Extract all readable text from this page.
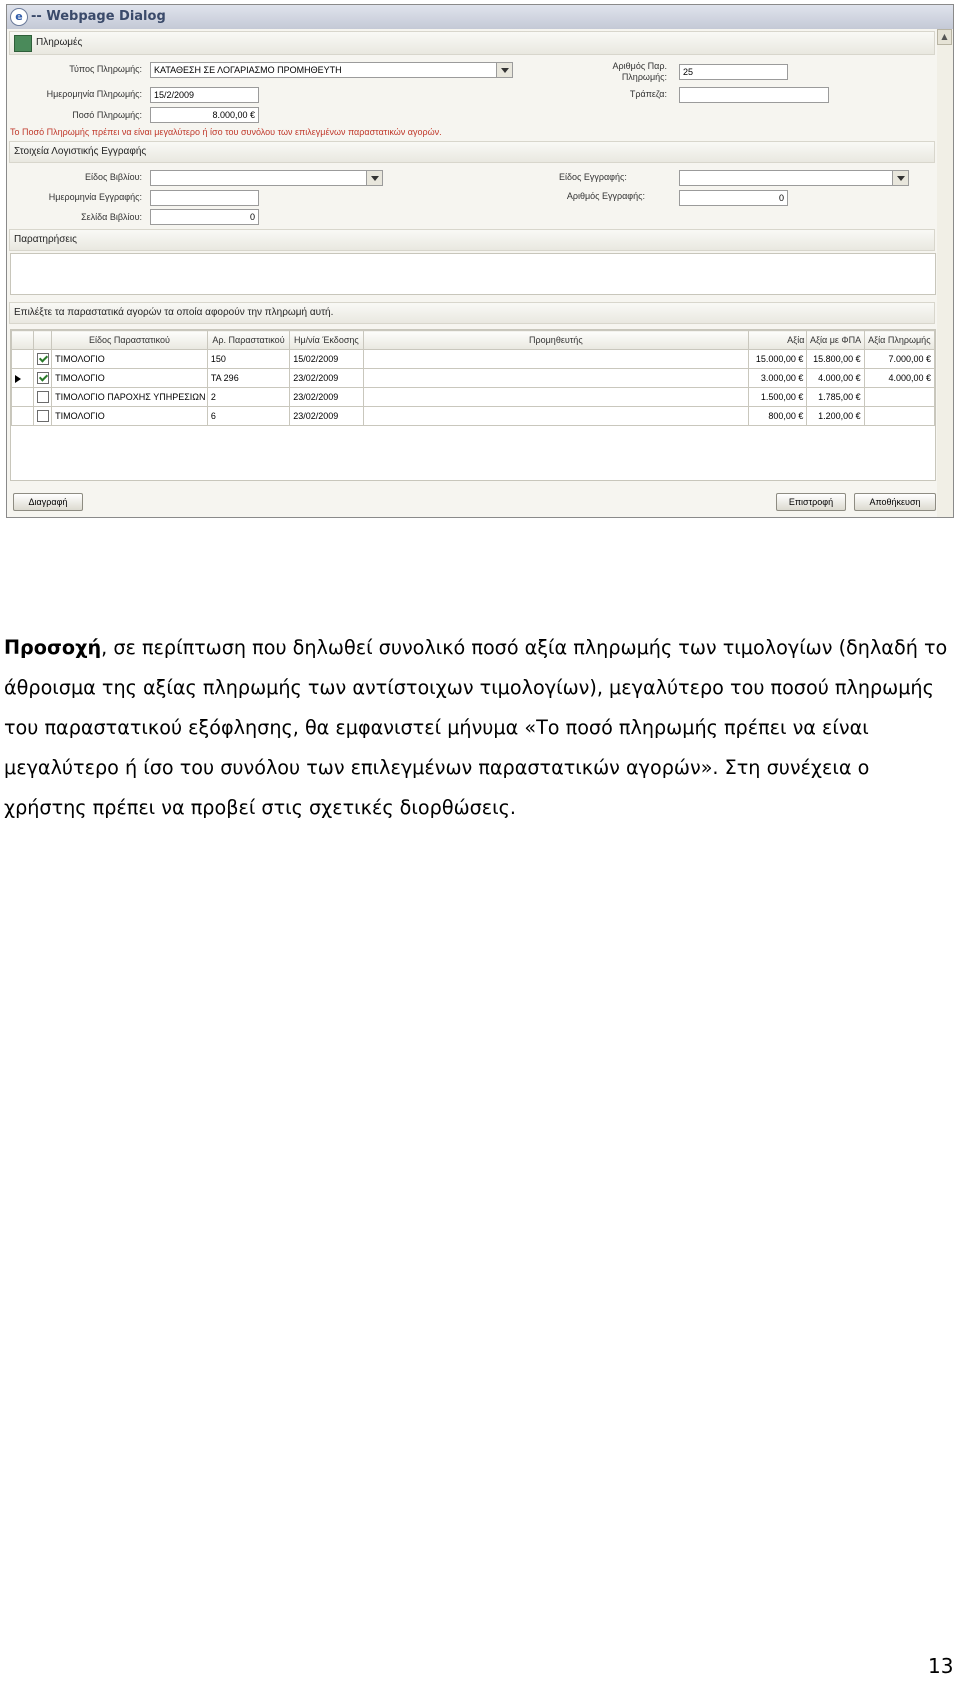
e -- Webpage Dialog
▲
Πληρωμές
Τύπος Πληρωμής:	ΚΑΤΑΘΕΣΗ ΣΕ ΛΟΓΑΡΙΑΣΜΟ ΠΡΟΜΗΘΕΥΤΗ
Ημερομηνία Πληρωμής:	15/2/2009
Ποσό Πληρωμής:	8.000,00 €
Αριθμός Παρ.
Πληρωμής:	25
Τράπεζα:
Το Ποσό Πληρωμής πρέπει να είναι μεγαλύτερο ή ίσο του συνόλου των επιλεγμένων παραστατικών αγορών.
Στοιχεία Λογιστικής Εγγραφής
Είδος Βιβλίου:
Ημερομηνία Εγγραφής:
Σελίδα Βιβλίου:	0
Είδος Εγγραφής:
Αριθμός Εγγραφής:	0
Παρατηρήσεις
Επιλέξτε τα παραστατικά αγορών τα οποία αφορούν την πληρωμή αυτή.
		Είδος Παραστατικού	Αρ. Παραστατικού	Ημ/νία Έκδοσης	Προμηθευτής	Αξία	Αξία με ΦΠΑ	Αξία Πληρωμής
		ΤΙΜΟΛΟΓΙΟ	150	15/02/2009		15.000,00 €	15.800,00 €	7.000,00 €
		ΤΙΜΟΛΟΓΙΟ	ΤΑ 296	23/02/2009		3.000,00 €	4.000,00 €	4.000,00 €
		ΤΙΜΟΛΟΓΙΟ ΠΑΡΟΧΗΣ ΥΠΗΡΕΣΙΩΝ	2	23/02/2009		1.500,00 €	1.785,00 €	
		ΤΙΜΟΛΟΓΙΟ	6	23/02/2009		800,00 €	1.200,00 €	
Διαγραφή	Επιστροφή	Αποθήκευση
Προσοχή, σε περίπτωση που δηλωθεί συνολικό ποσό αξία πληρωμής των τιμολογίων (δηλαδή το άθροισμα της αξίας πληρωμής των αντίστοιχων τιμολογίων), μεγαλύτερο του ποσού πληρωμής του παραστατικού εξόφλησης, θα εμφανιστεί μήνυμα «Το ποσό πληρωμής πρέπει να είναι μεγαλύτερο ή ίσο του συνόλου των επιλεγμένων παραστατικών αγορών». Στη συνέχεια ο χρήστης πρέπει να προβεί στις σχετικές διορθώσεις.
13
